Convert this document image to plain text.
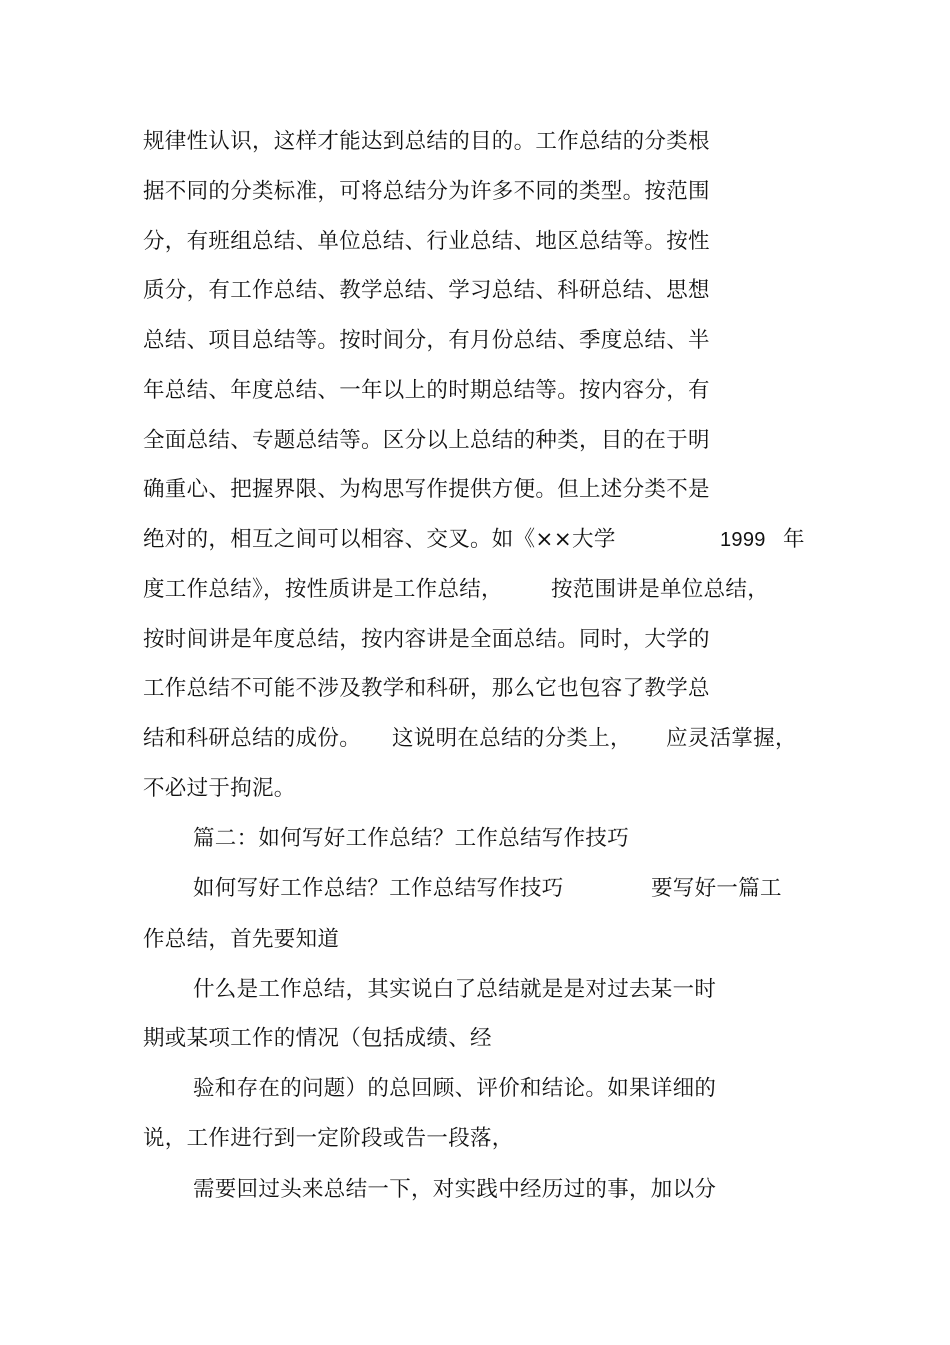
规律性认识，这样才能达到总结的目的。工作总结的分类根
据不同的分类标准，可将总结分为许多不同的类型。按范围
分，有班组总结、单位总结、行业总结、地区总结等。按性
质分，有工作总结、教学总结、学习总结、科研总结、思想
总结、项目总结等。按时间分，有月份总结、季度总结、半
年总结、年度总结、一年以上的时期总结等。按内容分，有
全面总结、专题总结等。区分以上总结的种类，目的在于明
确重心、把握界限、为构思写作提供方便。但上述分类不是
绝对的，相互之间可以相容、交叉。如《××大学	1999 年
度工作总结》，按性质讲是工作总结， 按范围讲是单位总结，
按时间讲是年度总结，按内容讲是全面总结。同时，大学的
工作总结不可能不涉及教学和科研，那么它也包容了教学总
结和科研总结的成份。 这说明在总结的分类上， 应灵活掌握，
不必过于拘泥。
篇二：如何写好工作总结？工作总结写作技巧
如何写好工作总结？工作总结写作技巧	要写好一篇工
作总结，首先要知道
什么是工作总结，其实说白了总结就是是对过去某一时
期或某项工作的情况（包括成绩、经
验和存在的问题）的总回顾、评价和结论。如果详细的
说，工作进行到一定阶段或告一段落，
需要回过头来总结一下，对实践中经历过的事，加以分
